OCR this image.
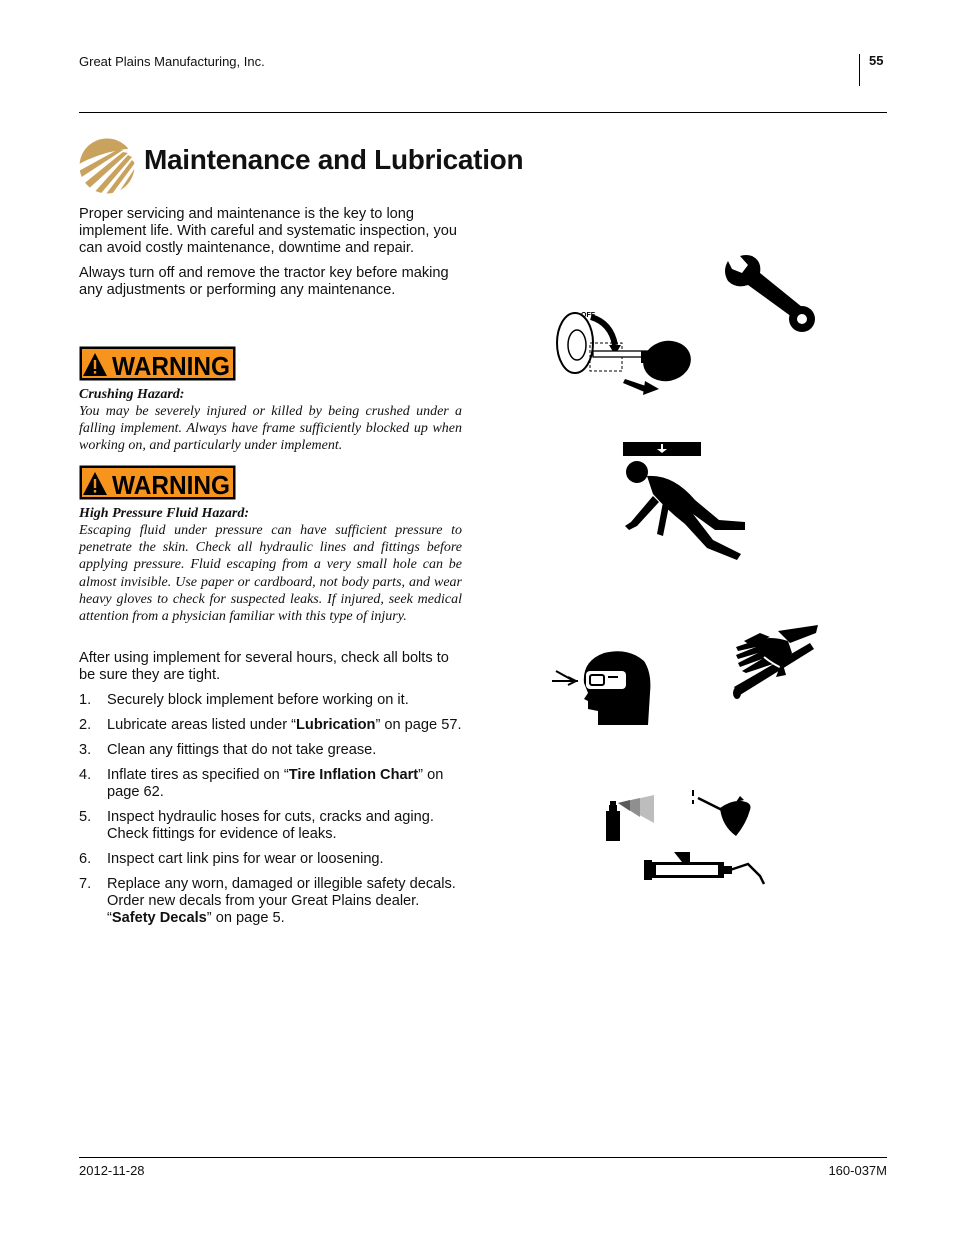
Great Plains Manufacturing, Inc.	55
Maintenance and Lubrication

Proper servicing and maintenance is the key to long implement life. With careful and systematic inspection, you can avoid costly maintenance, downtime and repair.

Always turn off and remove the tractor key before making any adjustments or performing any maintenance.

WARNING
Crushing Hazard:
You may be severely injured or killed by being crushed under a falling implement. Always have frame sufficiently blocked up when working on, and particularly under implement.
WARNING
High Pressure Fluid Hazard:
Escaping fluid under pressure can have sufficient pressure to penetrate the skin. Check all hydraulic lines and fittings before applying pressure. Fluid escaping from a very small hole can be almost invisible. Use paper or cardboard, not body parts, and wear heavy gloves to check for suspected leaks. If injured, seek medical attention from a physician familiar with this type of injury.

After using implement for several hours, check all bolts to be sure they are tight.

1. Securely block implement before working on it.
2. Lubricate areas listed under “Lubrication” on page 57.
3. Clean any fittings that do not take grease.
4. Inflate tires as specified on “Tire Inflation Chart” on page 62.
5. Inspect hydraulic hoses for cuts, cracks and aging. Check fittings for evidence of leaks.
6. Inspect cart link pins for wear or loosening.
7. Replace any worn, damaged or illegible safety decals. Order new decals from your Great Plains dealer. “Safety Decals” on page 5.
OFF
2012-11-28	160-037M
